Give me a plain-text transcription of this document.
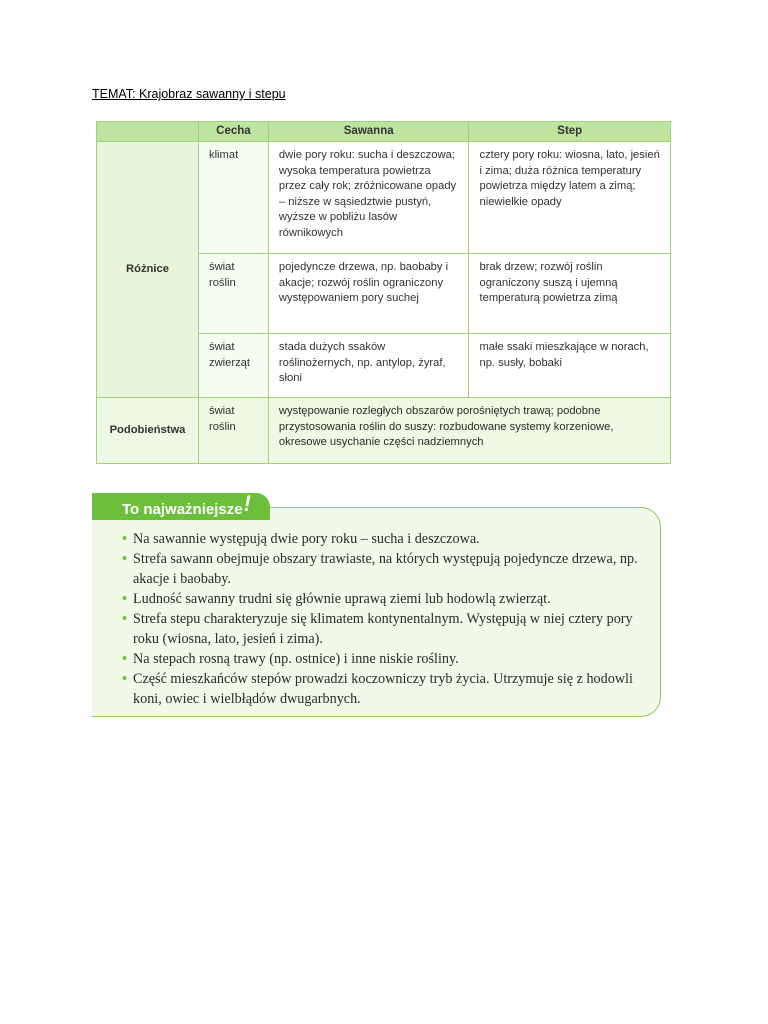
TEMAT: Krajobraz sawanny i stepu
	Cecha	Sawanna	Step
Różnice	klimat	dwie pory roku: sucha i deszczowa; wysoka temperatura powietrza przez cały rok; zróżnicowane opady – niższe w sąsiedztwie pustyń, wyższe w pobliżu lasów równikowych	cztery pory roku: wiosna, lato, jesień i zima; duża różnica temperatury powietrza między latem a zimą; niewielkie opady
	świat roślin	pojedyncze drzewa, np. baobaby i akacje; rozwój roślin ograniczony występowaniem pory suchej	brak drzew; rozwój roślin ograniczony suszą i ujemną temperaturą powietrza zimą
	świat zwierząt	stada dużych ssaków roślinożernych, np. antylop, żyraf, słoni	małe ssaki mieszkające w norach, np. susły, bobaki
Podobieństwa	świat roślin	występowanie rozległych obszarów porośniętych trawą; podobne przystosowania roślin do suszy: rozbudowane systemy korzeniowe, okresowe usychanie części nadziemnych	
• Na sawannie występują dwie pory roku – sucha i deszczowa.
• Strefa sawann obejmuje obszary trawiaste, na których występują pojedyncze drzewa, np. akacje i baobaby.
• Ludność sawanny trudni się głównie uprawą ziemi lub hodowlą zwierząt.
• Strefa stepu charakteryzuje się klimatem kontynentalnym. Występują w niej cztery pory roku (wiosna, lato, jesień i zima).
• Na stepach rosną trawy (np. ostnice) i inne niskie rośliny.
• Część mieszkańców stepów prowadzi koczowniczy tryb życia. Utrzymuje się z hodowli koni, owiec i wielbłądów dwugarbnych.
To najważniejsze!
